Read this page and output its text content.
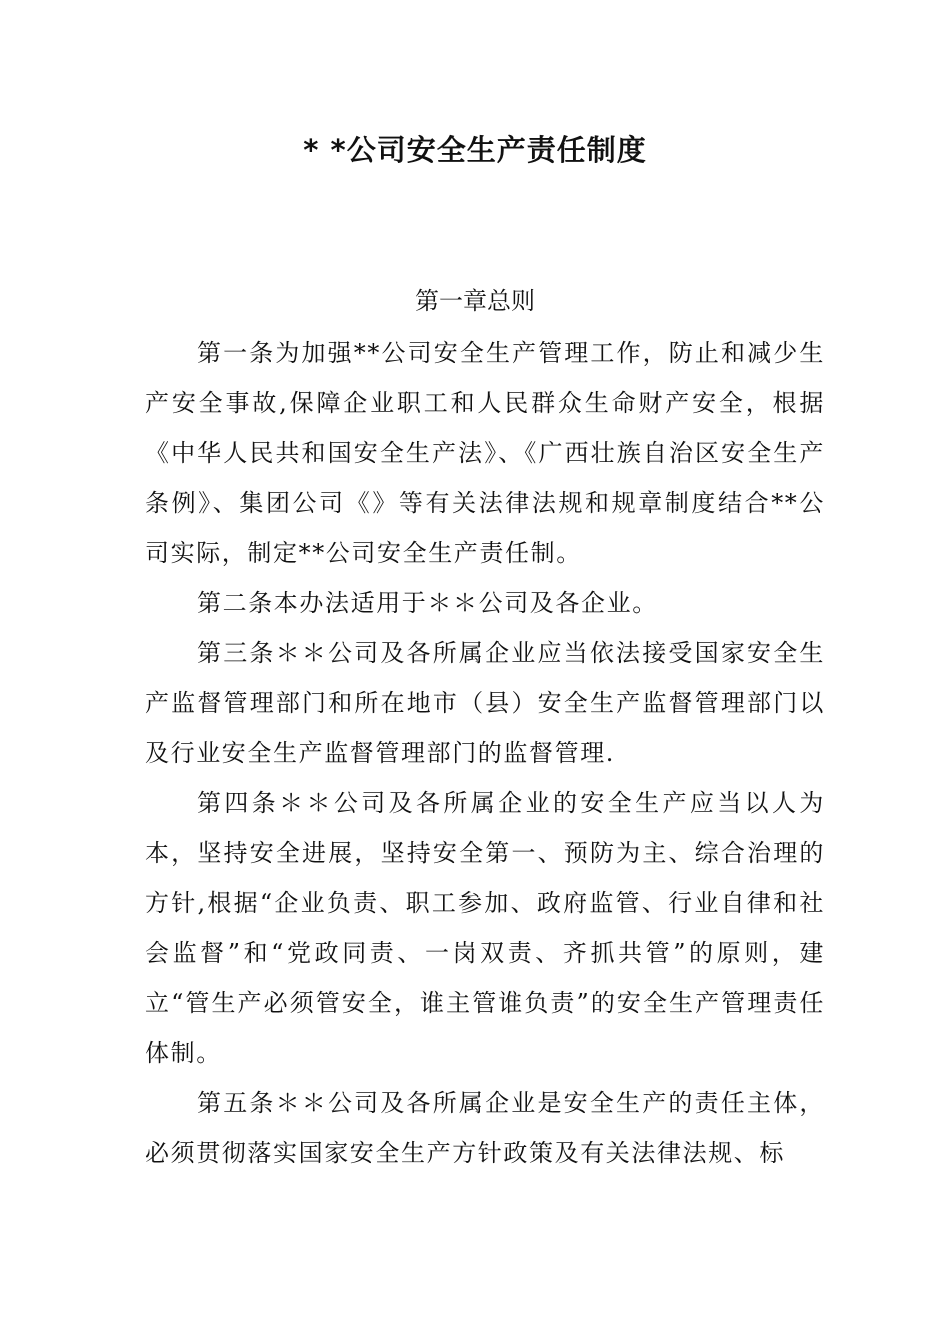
* *公司安全生产责任制度
第一章总则

第一条为加强**公司安全生产管理工作，防止和减少生产安全事故,保障企业职工和人民群众生命财产安全，根据《中华人民共和国安全生产法》、《广西壮族自治区安全生产条例》、集团公司《》等有关法律法规和规章制度结合**公司实际，制定**公司安全生产责任制。

第二条本办法适用于＊＊公司及各企业。

第三条＊＊公司及各所属企业应当依法接受国家安全生产监督管理部门和所在地市（县）安全生产监督管理部门以及行业安全生产监督管理部门的监督管理.

第四条＊＊公司及各所属企业的安全生产应当以人为本，坚持安全进展，坚持安全第一、预防为主、综合治理的方针,根据“企业负责、职工参加、政府监管、行业自律和社会监督”和“党政同责、一岗双责、齐抓共管”的原则，建立“管生产必须管安全，谁主管谁负责”的安全生产管理责任体制。

第五条＊＊公司及各所属企业是安全生产的责任主体，必须贯彻落实国家安全生产方针政策及有关法律法规、标
